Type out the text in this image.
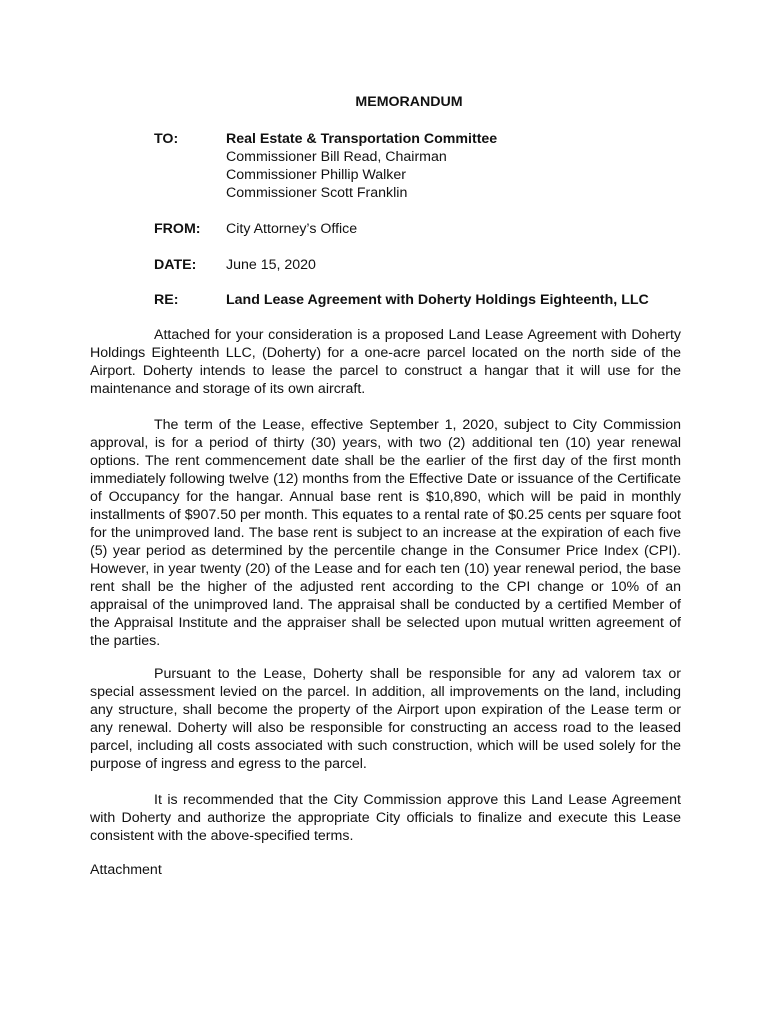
MEMORANDUM
TO:	Real Estate & Transportation Committee
Commissioner Bill Read, Chairman
Commissioner Phillip Walker
Commissioner Scott Franklin
FROM: City Attorney’s Office
DATE: June 15, 2020
RE:	Land Lease Agreement with Doherty Holdings Eighteenth, LLC

Attached for your consideration is a proposed Land Lease Agreement with Doherty Holdings Eighteenth LLC, (Doherty) for a one-acre parcel located on the north side of the Airport. Doherty intends to lease the parcel to construct a hangar that it will use for the maintenance and storage of its own aircraft.

The term of the Lease, effective September 1, 2020, subject to City Commission approval, is for a period of thirty (30) years, with two (2) additional ten (10) year renewal options. The rent commencement date shall be the earlier of the first day of the first month immediately following twelve (12) months from the Effective Date or issuance of the Certificate of Occupancy for the hangar. Annual base rent is $10,890, which will be paid in monthly installments of $907.50 per month. This equates to a rental rate of $0.25 cents per square foot for the unimproved land. The base rent is subject to an increase at the expiration of each five (5) year period as determined by the percentile change in the Consumer Price Index (CPI). However, in year twenty (20) of the Lease and for each ten (10) year renewal period, the base rent shall be the higher of the adjusted rent according to the CPI change or 10% of an appraisal of the unimproved land. The appraisal shall be conducted by a certified Member of the Appraisal Institute and the appraiser shall be selected upon mutual written agreement of the parties.

Pursuant to the Lease, Doherty shall be responsible for any ad valorem tax or special assessment levied on the parcel. In addition, all improvements on the land, including any structure, shall become the property of the Airport upon expiration of the Lease term or any renewal. Doherty will also be responsible for constructing an access road to the leased parcel, including all costs associated with such construction, which will be used solely for the purpose of ingress and egress to the parcel.

It is recommended that the City Commission approve this Land Lease Agreement with Doherty and authorize the appropriate City officials to finalize and execute this Lease consistent with the above-specified terms.

Attachment
